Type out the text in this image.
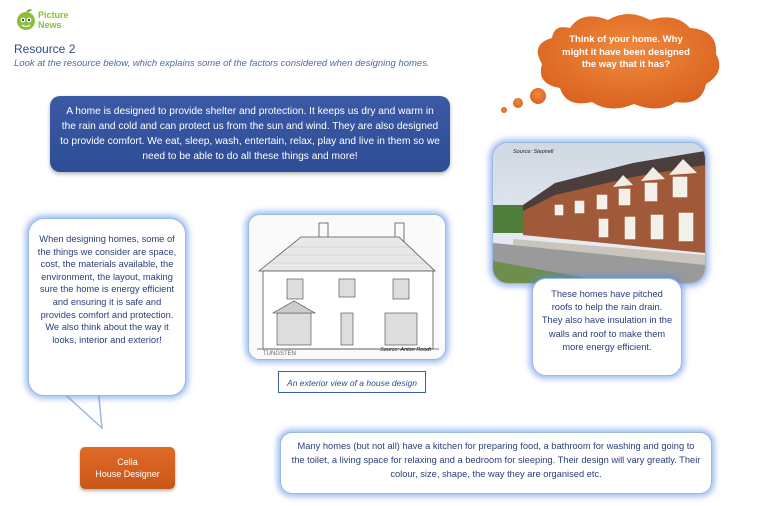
Picture
News
Resource 2
Look at the resource below, which explains some of the factors considered when designing homes.
A home is designed to provide shelter and protection. It keeps us dry and warm in the rain and cold and can protect us from the sun and wind. They are also designed to provide comfort. We eat, sleep, wash, entertain, relax, play and live in them so we need to be able to do all these things and more!
Think of your home. Why might it have been designed the way that it has?
When designing homes, some of the things we consider are space, cost, the materials available, the environment, the layout, making sure the home is energy efficient and ensuring it is safe and provides comfort and protection. We also think about the way it looks, interior and exterior!
TUNGSTEN
Source: Anton Roodt
An exterior view of a house design
Source: Stepnell
These homes have pitched roofs to help the rain drain. They also have insulation in the walls and roof to make them more energy efficient.
Many homes (but not all) have a kitchen for preparing food, a bathroom for washing and going to the toilet, a living space for relaxing and a bedroom for sleeping. Their design will vary greatly. Their colour, size, shape, the way they are organised etc.
Celia
House Designer
